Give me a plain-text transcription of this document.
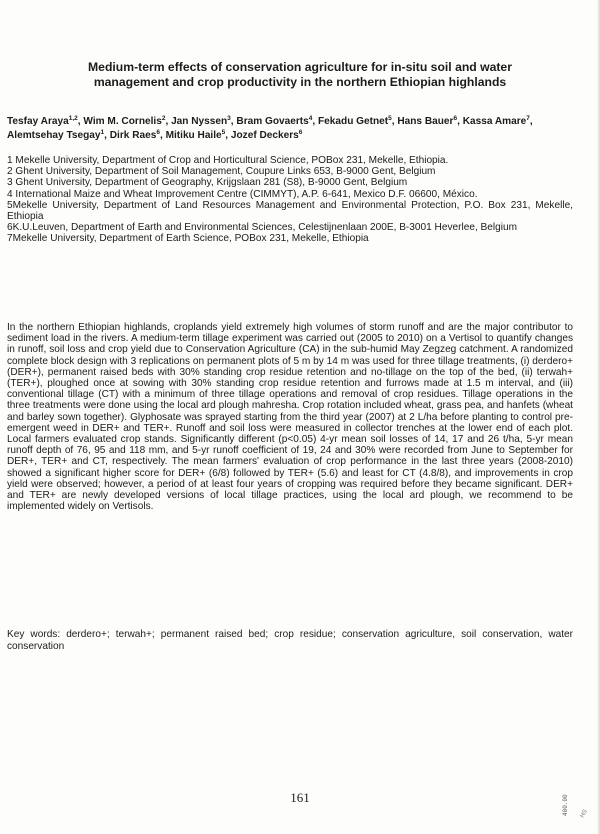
Medium-term effects of conservation agriculture for in-situ soil and water
management and crop productivity in the northern Ethiopian highlands
Tesfay Araya$^{1,2}$, Wim M. Cornelis$^2$, Jan Nyssen$^3$, Bram Govaerts$^4$, Fekadu Getnet$^5$, Hans Bauer$^6$, Kassa Amare$^7$, Alemtsehay Tsegay$^1$, Dirk Raes$^6$, Mitiku Haile$^5$, Jozef Deckers$^6$
1 Mekelle University, Department of Crop and Horticultural Science, POBox 231, Mekelle, Ethiopia.
2 Ghent University, Department of Soil Management, Coupure Links 653, B-9000 Gent, Belgium
3 Ghent University, Department of Geography, Krijgslaan 281 (S8), B-9000 Gent, Belgium
4 International Maize and Wheat Improvement Centre (CIMMYT), A.P. 6-641, Mexico D.F. 06600, México.
5Mekelle University, Department of Land Resources Management and Environmental Protection, P.O. Box 231, Mekelle, Ethiopia
6K.U.Leuven, Department of Earth and Environmental Sciences, Celestijnenlaan 200E, B-3001 Heverlee, Belgium
7Mekelle University, Department of Earth Science, POBox 231, Mekelle, Ethiopia
In the northern Ethiopian highlands, croplands yield extremely high volumes of storm runoff and are the major contributor to sediment load in the rivers. A medium-term tillage experiment was carried out (2005 to 2010) on a Vertisol to quantify changes in runoff, soil loss and crop yield due to Conservation Agriculture (CA) in the sub-humid May Zegzeg catchment. A randomized complete block design with 3 replications on permanent plots of 5 m by 14 m was used for three tillage treatments, (i) derdero+ (DER+), permanent raised beds with 30% standing crop residue retention and no-tillage on the top of the bed, (ii) terwah+ (TER+), ploughed once at sowing with 30% standing crop residue retention and furrows made at 1.5 m interval, and (iii) conventional tillage (CT) with a minimum of three tillage operations and removal of crop residues. Tillage operations in the three treatments were done using the local ard plough mahresha. Crop rotation included wheat, grass pea, and hanfets (wheat and barley sown together). Glyphosate was sprayed starting from the third year (2007) at 2 L/ha before planting to control pre-emergent weed in DER+ and TER+. Runoff and soil loss were measured in collector trenches at the lower end of each plot. Local farmers evaluated crop stands. Significantly different (p<0.05) 4-yr mean soil losses of 14, 17 and 26 t/ha, 5-yr mean runoff depth of 76, 95 and 118 mm, and 5-yr runoff coefficient of 19, 24 and 30% were recorded from June to September for DER+, TER+ and CT, respectively. The mean farmers' evaluation of crop performance in the last three years (2008-2010) showed a significant higher score for DER+ (6/8) followed by TER+ (5.6) and least for CT (4.8/8), and improvements in crop yield were observed; however, a period of at least four years of cropping was required before they became significant. DER+ and TER+ are newly developed versions of local tillage practices, using the local ard plough, we recommend to be implemented widely on Vertisols.
Key words: derdero+; terwah+; permanent raised bed; crop residue; conservation agriculture, soil conservation, water conservation
161	400.00 HS
